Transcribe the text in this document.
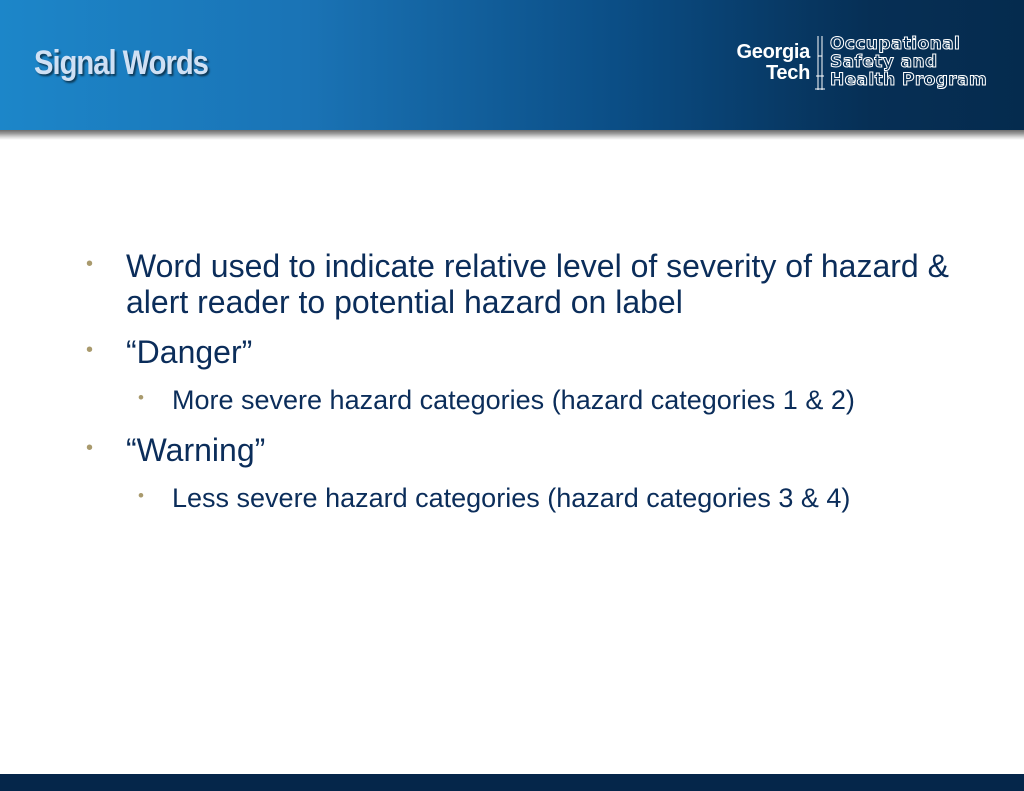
Signal Words	Georgia
Tech
Occupational
Safety and
Health Program
• Word used to indicate relative level of severity of hazard & alert reader to potential hazard on label
• “Danger”
• More severe hazard categories (hazard categories 1 & 2)
• “Warning”
• Less severe hazard categories (hazard categories 3 & 4)
